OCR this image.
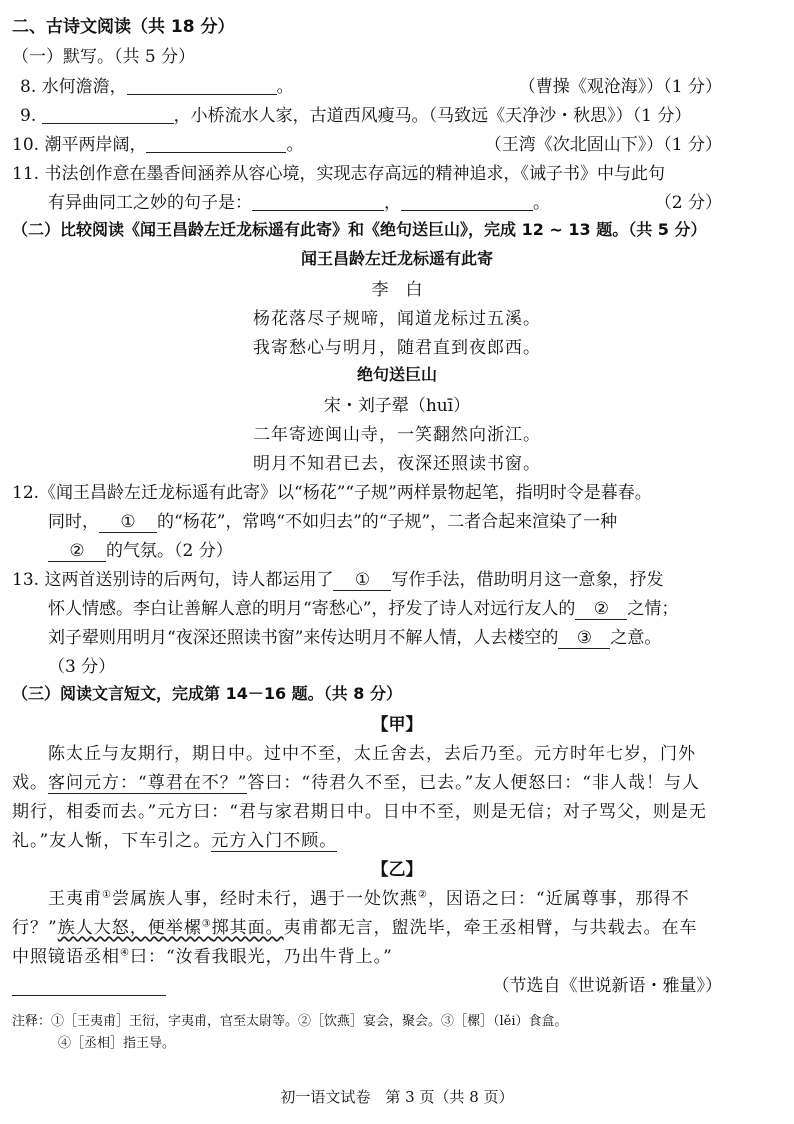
二、古诗文阅读（共 18 分）
（一）默写。（共 5 分）
8. 水何澹澹，	。	（曹操《观沧海》）（1 分）
9.	，小桥流水人家，古道西风瘦马。（马致远《天净沙・秋思》）（1 分）
10. 潮平两岸阔，	。	（王湾《次北固山下》）（1 分）
11. 书法创作意在墨香间涵养从容心境，实现志存高远的精神追求，《诫子书》中与此句
有异曲同工之妙的句子是：	，	。	（2 分）
（二）比较阅读《闻王昌龄左迁龙标遥有此寄》和《绝句送巨山》，完成 12 ~ 13 题。（共 5 分）
闻王昌龄左迁龙标遥有此寄
李　白
杨花落尽子规啼，闻道龙标过五溪。
我寄愁心与明月，随君直到夜郎西。
绝句送巨山
宋・刘子翚（huī）
二年寄迹闽山寺，一笑翻然向浙江。
明月不知君已去，夜深还照读书窗。
12.《闻王昌龄左迁龙标遥有此寄》以“杨花”“子规”两样景物起笔，指明时令是暮春。
同时， ① 的“杨花”，常鸣“不如归去”的“子规”，二者合起来渲染了一种
② 的气氛。（2 分）
13. 这两首送别诗的后两句，诗人都运用了 ① 写作手法，借助明月这一意象，抒发
怀人情感。李白让善解人意的明月“寄愁心”，抒发了诗人对远行友人的 ② 之情；
刘子翚则用明月“夜深还照读书窗”来传达明月不解人情，人去楼空的 ③ 之意。
（3 分）
（三）阅读文言短文，完成第 14－16 题。（共 8 分）
【甲】
陈太丘与友期行，期日中。过中不至，太丘舍去，去后乃至。元方时年七岁，门外
戏。客问元方：“尊君在不？”答曰：“待君久不至，已去。”友人便怒曰：“非人哉！与人
期行，相委而去。”元方曰：“君与家君期日中。日中不至，则是无信；对子骂父，则是无
礼。”友人惭，下车引之。元方入门不顾。
【乙】
王夷甫①尝属族人事，经时未行，遇于一处饮燕②，因语之曰：“近属尊事，那得不
行？”族人大怒，便举樏③掷其面。夷甫都无言，盥洗毕，牵王丞相臂，与共载去。在车
中照镜语丞相④曰：“汝看我眼光，乃出牛背上。”
（节选自《世说新语・雅量》）
注释：①［王夷甫］王衍，字夷甫，官至太尉等。②［饮燕］宴会，聚会。③［樏］（lěi）食盒。
④［丞相］指王导。
初一语文试卷　第 3 页（共 8 页）
